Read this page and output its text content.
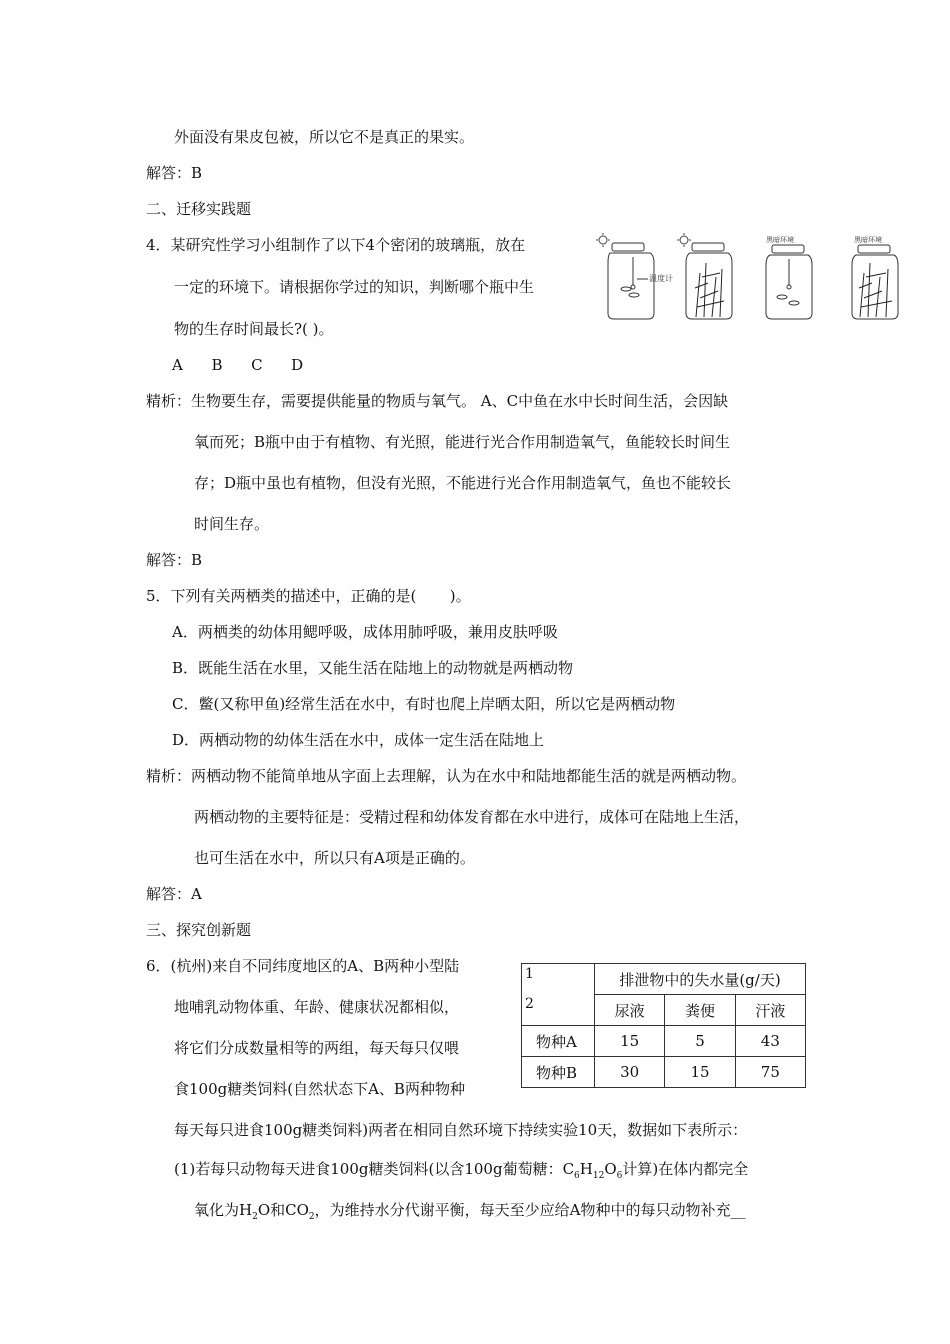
外面没有果皮包被，所以它不是真正的果实。
解答：B
二、迁移实践题
4．某研究性学习小组制作了以下4个密闭的玻璃瓶，放在
一定的环境下。请根据你学过的知识，判断哪个瓶中生
物的生存时间最长?( )。
A      B      C      D
温度计
黑暗环境	黑暗环境
精析：生物要生存，需要提供能量的物质与氧气。 A、C中鱼在水中长时间生活，会因缺
氧而死；B瓶中由于有植物、有光照，能进行光合作用制造氧气，鱼能较长时间生
存；D瓶中虽也有植物，但没有光照，不能进行光合作用制造氧气，鱼也不能较长
时间生存。
解答：B
5．下列有关两栖类的描述中，正确的是(       )。
A．两栖类的幼体用鳃呼吸，成体用肺呼吸，兼用皮肤呼吸
B．既能生活在水里，又能生活在陆地上的动物就是两栖动物
C．鳖(又称甲鱼)经常生活在水中，有时也爬上岸晒太阳，所以它是两栖动物
D．两栖动物的幼体生活在水中，成体一定生活在陆地上
精析：两栖动物不能简单地从字面上去理解，认为在水中和陆地都能生活的就是两栖动物。
两栖动物的主要特征是：受精过程和幼体发育都在水中进行，成体可在陆地上生活，
也可生活在水中，所以只有A项是正确的。
解答：A
三、探究创新题
6．(杭州)来自不同纬度地区的A、B两种小型陆
地哺乳动物体重、年龄、健康状况都相似，
将它们分成数量相等的两组，每天每只仅喂
食100g糖类饲料(自然状态下A、B两种物种
每天每只进食100g糖类饲料)两者在相同自然环境下持续实验10天，数据如下表所示：
(1)若每只动物每天进食100g糖类饲料(以含100g葡萄糖：$C_6H_{12}O_6$计算)在体内都完全
氧化为$H_2O$和$CO_2$，为维持水分代谢平衡，每天至少应给A物种中的每只动物补充__
1
2	排泄物中的失水量(g/天)		
	尿液	粪便	汗液
物种A	15	5	43
物种B	30	15	75
